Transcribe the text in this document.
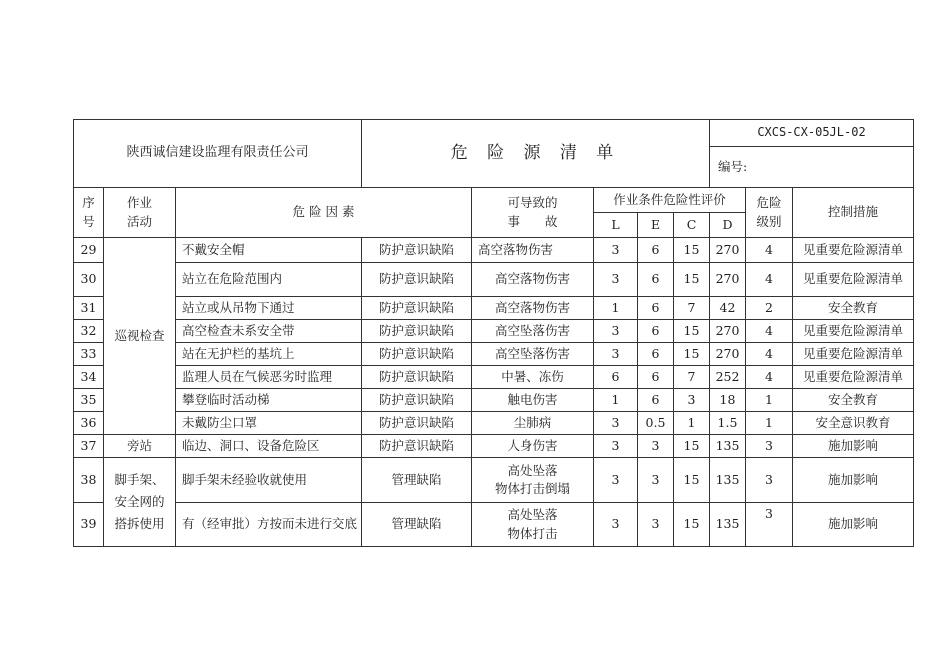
陕西诚信建设监理有限责任公司			危 险 源 清 单					CXCS-CX-05JL-02		
								编号:		

序号	作业活动	危 险 因 素		可导致的
事　　故	作业条件危险性评价				危险级别	控制措施
					L	E	C	D		
29	巡视检查	不戴安全帽	防护意识缺陷	高空落物伤害	3	6	15	270	4	见重要危险源清单
30		站立在危险范围内	防护意识缺陷	高空落物伤害	3	6	15	270	4	见重要危险源清单
31		站立或从吊物下通过	防护意识缺陷	高空落物伤害	1	6	7	42	2	安全教育
32		高空检查未系安全带	防护意识缺陷	高空坠落伤害	3	6	15	270	4	见重要危险源清单
33		站在无护栏的基坑上	防护意识缺陷	高空坠落伤害	3	6	15	270	4	见重要危险源清单
34		监理人员在气候恶劣时监理	防护意识缺陷	中暑、冻伤	6	6	7	252	4	见重要危险源清单
35		攀登临时活动梯	防护意识缺陷	触电伤害	1	6	3	18	1	安全教育
36		未戴防尘口罩	防护意识缺陷	尘肺病	3	0.5	1	1.5	1	安全意识教育
37	旁站	临边、洞口、设备危险区	防护意识缺陷	人身伤害	3	3	15	135	3	施加影响
38	脚手架、安全网的搭拆使用	脚手架未经验收就使用	管理缺陷	高处坠落
物体打击倒塌	3	3	15	135	3	施加影响
39		有（经审批）方按而未进行交底	管理缺陷	高处坠落
物体打击	3	3	15	135	3	施加影响
